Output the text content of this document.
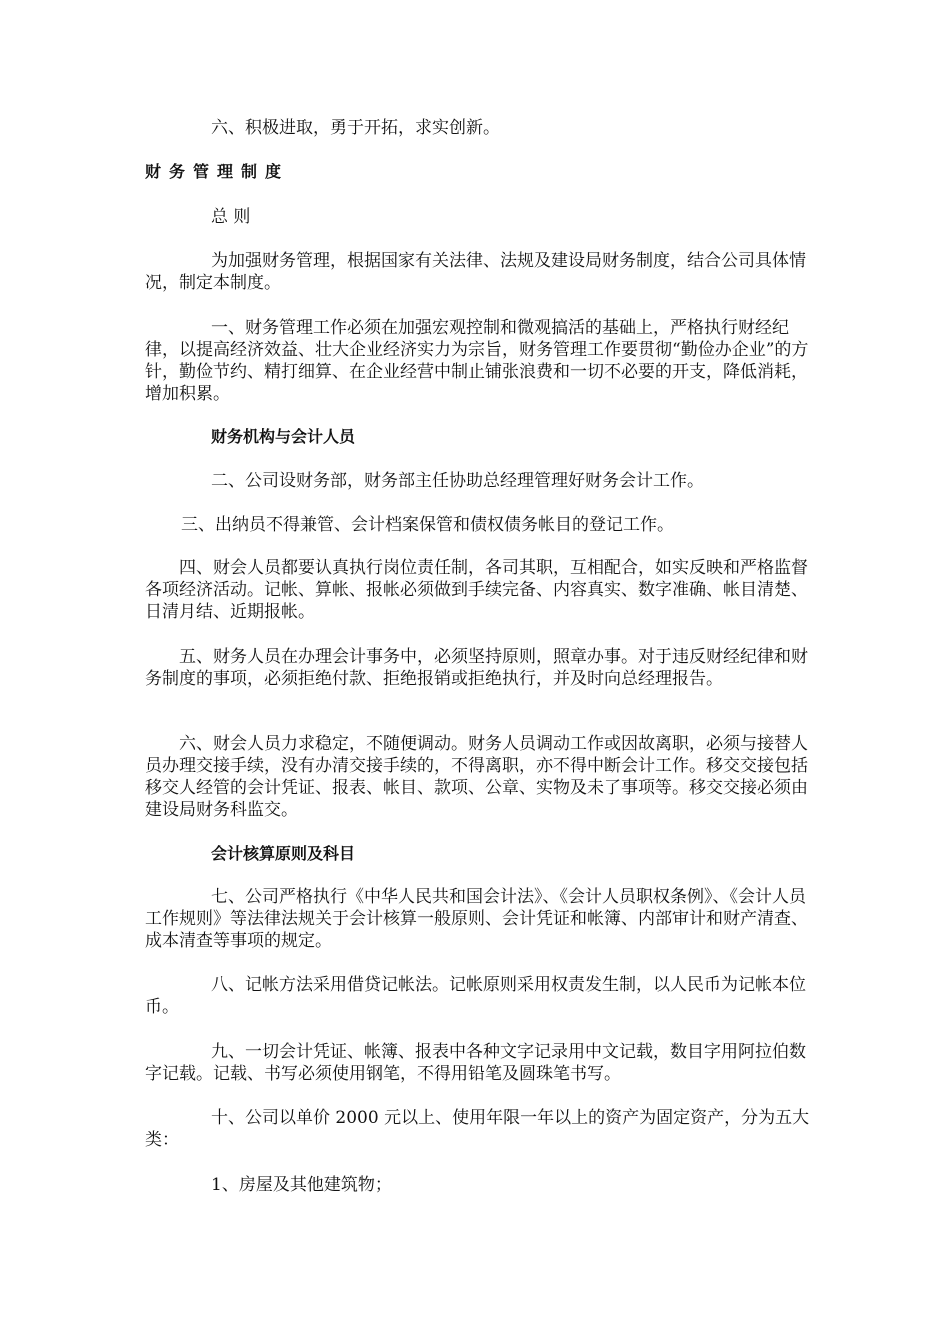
六、积极进取，勇于开拓，求实创新。

财务管理制度

总 则

为加强财务管理，根据国家有关法律、法规及建设局财务制度，结合公司具体情况，制定本制度。

一、财务管理工作必须在加强宏观控制和微观搞活的基础上，严格执行财经纪律，以提高经济效益、壮大企业经济实力为宗旨，财务管理工作要贯彻“勤俭办企业”的方针，勤俭节约、精打细算、在企业经营中制止铺张浪费和一切不必要的开支，降低消耗，增加积累。

财务机构与会计人员

二、公司设财务部，财务部主任协助总经理管理好财务会计工作。

三、出纳员不得兼管、会计档案保管和债权债务帐目的登记工作。

四、财会人员都要认真执行岗位责任制，各司其职，互相配合，如实反映和严格监督各项经济活动。记帐、算帐、报帐必须做到手续完备、内容真实、数字准确、帐目清楚、日清月结、近期报帐。

五、财务人员在办理会计事务中，必须坚持原则，照章办事。对于违反财经纪律和财务制度的事项，必须拒绝付款、拒绝报销或拒绝执行，并及时向总经理报告。

六、财会人员力求稳定，不随便调动。财务人员调动工作或因故离职，必须与接替人员办理交接手续，没有办清交接手续的，不得离职，亦不得中断会计工作。移交交接包括移交人经管的会计凭证、报表、帐目、款项、公章、实物及未了事项等。移交交接必须由建设局财务科监交。

会计核算原则及科目

七、公司严格执行《中华人民共和国会计法》、《会计人员职权条例》、《会计人员工作规则》等法律法规关于会计核算一般原则、会计凭证和帐簿、内部审计和财产清查、成本清查等事项的规定。

八、记帐方法采用借贷记帐法。记帐原则采用权责发生制，以人民币为记帐本位币。

九、一切会计凭证、帐簿、报表中各种文字记录用中文记载，数目字用阿拉伯数字记载。记载、书写必须使用钢笔，不得用铅笔及圆珠笔书写。

十、公司以单价 2000 元以上、使用年限一年以上的资产为固定资产，分为五大类：

1、房屋及其他建筑物；
